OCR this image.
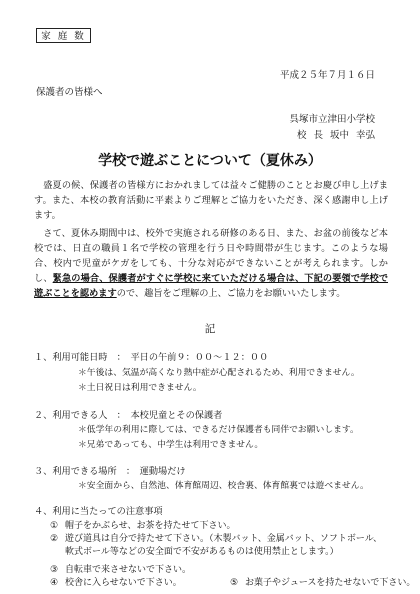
家 庭 数
平成２５年７月１６日
保護者の皆様へ
呉塚市立津田小学校
校 長 坂中 幸弘
学校で遊ぶことについて（夏休み）

盛夏の候、保護者の皆様方におかれましては益々ご健勝のこととお慶び申し上げます。また、本校の教育活動に平素よりご理解とご協力をいただき、深く感謝申し上げます。

さて、夏休み期間中は、校外で実施される研修のある日、また、お盆の前後など本校では、日直の職員１名で学校の管理を行う日や時間帯が生じます。このような場合、校内で児童がケガをしても、十分な対応ができないことが考えられます。しかし、緊急の場合、保護者がすぐに学校に来ていただける場合は、下記の要領で学校で遊ぶことを認めますので、趣旨をご理解の上、ご協力をお願いいたします。

記
１、利用可能日時　：　平日の午前９：００～１２：００
＊午後は、気温が高くなり熱中症が心配されるため、利用できません。
＊土日祝日は利用できません。
２、利用できる人　：　本校児童とその保護者
＊低学年の利用に際しては、できるだけ保護者も同伴でお願いします。
＊兄弟であっても、中学生は利用できません。
３、利用できる場所　：　運動場だけ
＊安全面から、自然池、体育館周辺、校舎裏、体育館裏では遊べません。
４、利用に当たっての注意事項
① 帽子をかぶらせ、お茶を持たせて下さい。
② 遊び道具は自分で持たせて下さい。（木製バット、金属バット、ソフトボール、軟式ボール等などの安全面で不安があるものは使用禁止とします。）
③ 自転車で来させないで下さい。
④ 校舎に入らせないで下さい。	⑤ お菓子やジュースを持たせないで下さい。
